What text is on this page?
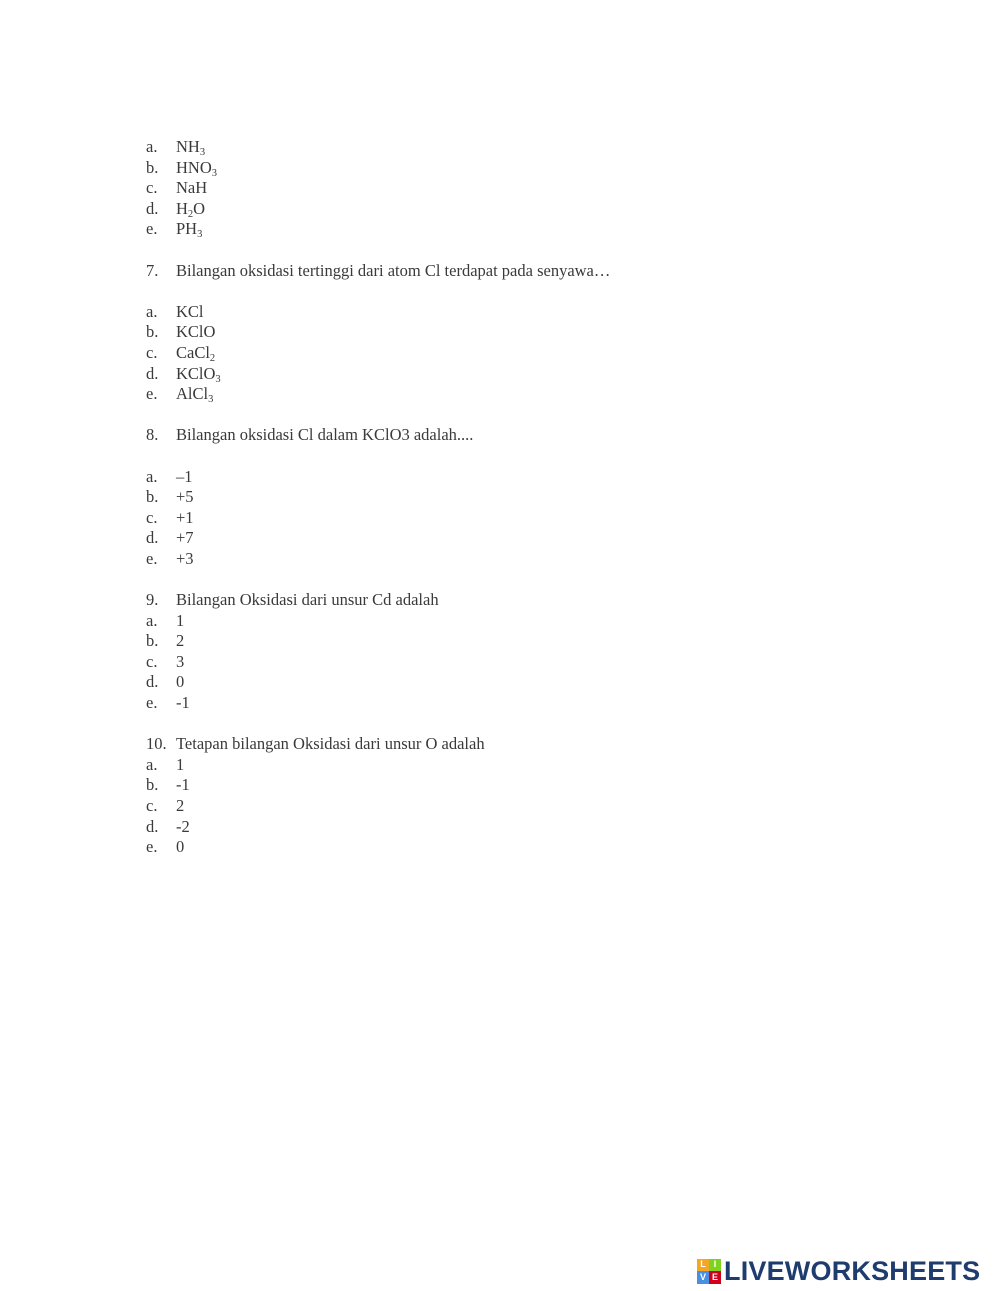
a.	$NH_3$
b.	$HNO_3$
c.	NaH
d.	$H_2O$
e.	$PH_3$
7.	Bilangan oksidasi tertinggi dari atom Cl terdapat pada senyawa…
a.	KCl
b.	KClO
c.	CaCl$_2$
d.	KClO$_3$
e.	AlCl$_3$
8.	Bilangan oksidasi Cl dalam KClO3 adalah....
a.	–1
b.	+5
c.	+1
d.	+7
e.	+3
9.	Bilangan Oksidasi dari unsur Cd adalah
a.	1
b.	2
c.	3
d.	0
e.	-1
10. Tetapan bilangan Oksidasi dari unsur O adalah
a.	1
b.	-1
c.	2
d.	-2
e.	0
L I
V E LIVEWORKSHEETS
